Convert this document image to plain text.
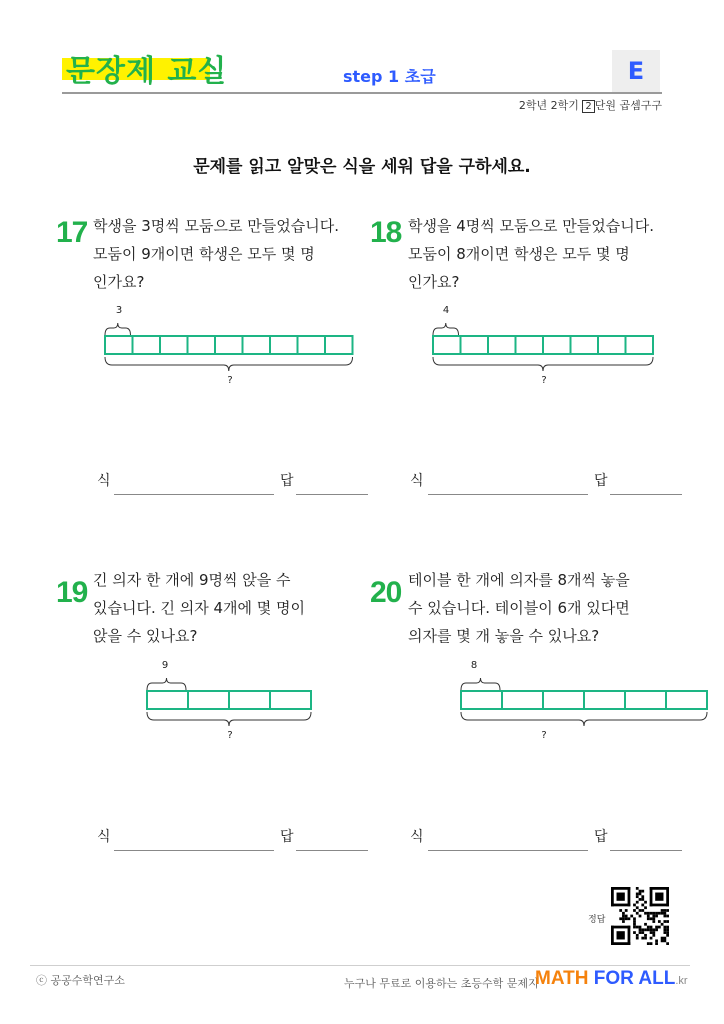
문장제 교실	step 1 초급	E
2학년 2학기 2 단원 곱셈구구
문제를 읽고 알맞은 식을 세워 답을 구하세요.
17 학생을 3명씩 모둠으로 만들었습니다.
모둠이 9개이면 학생은 모두 몇 명
인가요?
3
?
식	답
18 학생을 4명씩 모둠으로 만들었습니다.
모둠이 8개이면 학생은 모두 몇 명
인가요?
4
?
식	답
19 긴 의자 한 개에 9명씩 앉을 수
있습니다. 긴 의자 4개에 몇 명이
앉을 수 있나요?
9
?
식	답
20 테이블 한 개에 의자를 8개씩 놓을
수 있습니다. 테이블이 6개 있다면
의자를 몇 개 놓을 수 있나요?
8
?
식	답
정답
ⓒ 공공수학연구소	누구나 무료로 이용하는 초등수학 문제지
MATH FOR ALL.kr
